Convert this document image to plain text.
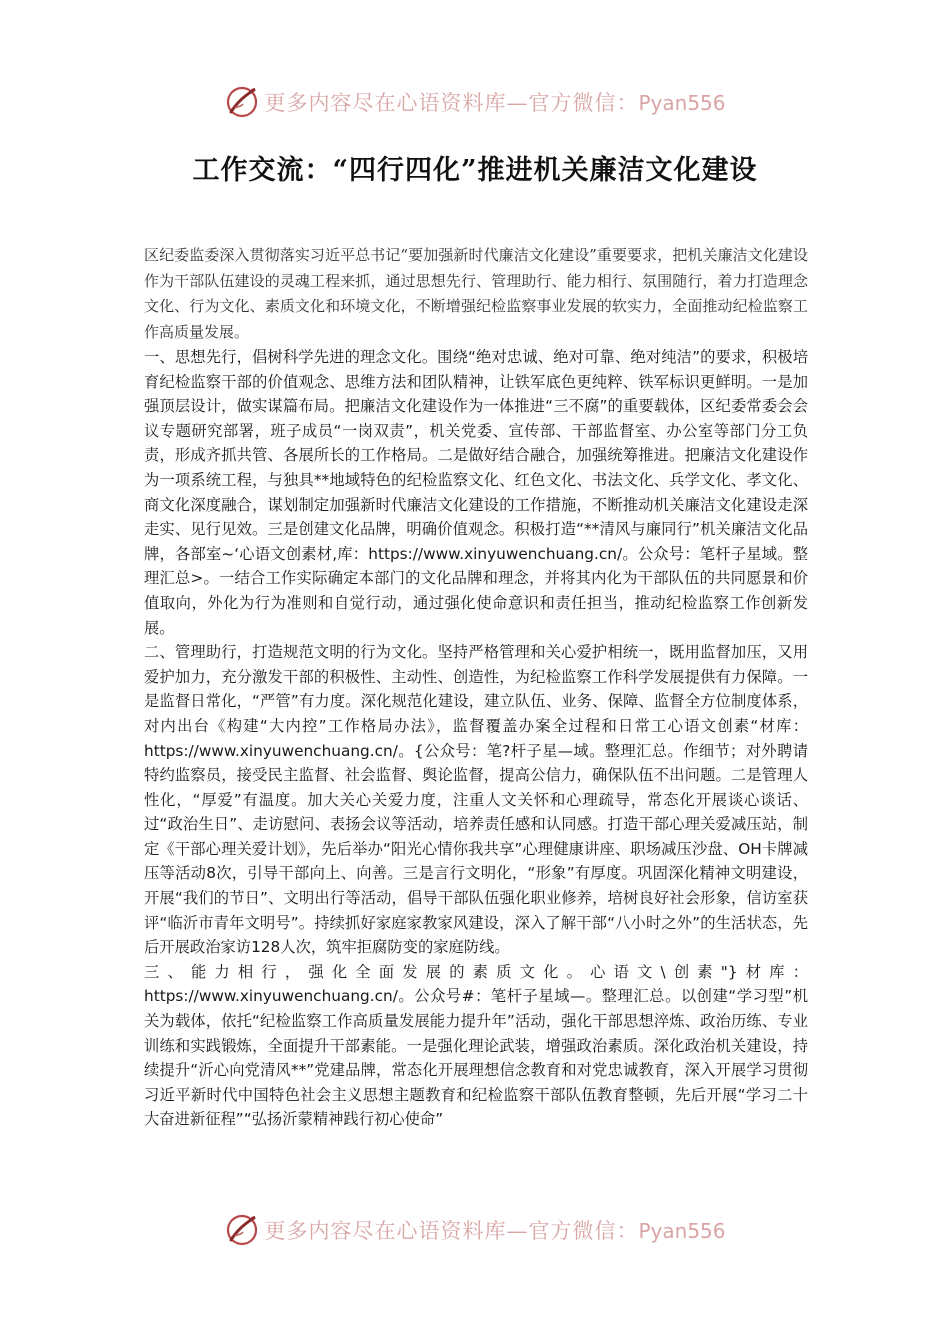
更多内容尽在心语资料库—官方微信：Pyan556
工作交流：“四行四化”推进机关廉洁文化建设

区纪委监委深入贯彻落实习近平总书记“要加强新时代廉洁文化建设”重要要求，把机关廉洁文化建设作为干部队伍建设的灵魂工程来抓，通过思想先行、管理助行、能力相行、氛围随行，着力打造理念文化、行为文化、素质文化和环境文化，不断增强纪检监察事业发展的软实力，全面推动纪检监察工作高质量发展。

一、思想先行，倡树科学先进的理念文化。围绕“绝对忠诚、绝对可靠、绝对纯洁”的要求，积极培育纪检监察干部的价值观念、思维方法和团队精神，让铁军底色更纯粹、铁军标识更鲜明。一是加强顶层设计，做实谋篇布局。把廉洁文化建设作为一体推进“三不腐”的重要载体，区纪委常委会会议专题研究部署，班子成员“一岗双责”，机关党委、宣传部、干部监督室、办公室等部门分工负责，形成齐抓共管、各展所长的工作格局。二是做好结合融合，加强统筹推进。把廉洁文化建设作为一项系统工程，与独具**地域特色的纪检监察文化、红色文化、书法文化、兵学文化、孝文化、商文化深度融合，谋划制定加强新时代廉洁文化建设的工作措施，不断推动机关廉洁文化建设走深走实、见行见效。三是创建文化品牌，明确价值观念。积极打造“**清风与廉同行”机关廉洁文化品牌，各部室~‘心语文创素材,库：https://www.xinyuwenchuang.cn/。公众号：笔杆子星域。整理汇总>。一结合工作实际确定本部门的文化品牌和理念，并将其内化为干部队伍的共同愿景和价值取向，外化为行为准则和自觉行动，通过强化使命意识和责任担当，推动纪检监察工作创新发展。

二、管理助行，打造规范文明的行为文化。坚持严格管理和关心爱护相统一，既用监督加压，又用爱护加力，充分激发干部的积极性、主动性、创造性，为纪检监察工作科学发展提供有力保障。一是监督日常化，“严管”有力度。深化规范化建设，建立队伍、业务、保障、监督全方位制度体系，对内出台《构建“大内控”工作格局办法》，监督覆盖办案全过程和日常工心语文创素“材库：https://www.xinyuwenchuang.cn/。{公众号：笔?杆子星—域。整理汇总。作细节；对外聘请特约监察员，接受民主监督、社会监督、舆论监督，提高公信力，确保队伍不出问题。二是管理人性化，“厚爱”有温度。加大关心关爱力度，注重人文关怀和心理疏导，常态化开展谈心谈话、过“政治生日”、走访慰问、表扬会议等活动，培养责任感和认同感。打造干部心理关爱减压站，制定《干部心理关爱计划》，先后举办“阳光心情你我共享”心理健康讲座、职场减压沙盘、OH卡牌减压等活动8次，引导干部向上、向善。三是言行文明化，“形象”有厚度。巩固深化精神文明建设，开展“我们的节日”、文明出行等活动，倡导干部队伍强化职业修养，培树良好社会形象，信访室获评“临沂市青年文明号”。持续抓好家庭家教家风建设，深入了解干部“八小时之外”的生活状态，先后开展政治家访128人次，筑牢拒腐防变的家庭防线。

三、能力相行，强化全面发展的素质文化。心语文\创素"}材库：https://www.xinyuwenchuang.cn/。公众号#：笔杆子星域—。整理汇总。以创建“学习型”机关为载体，依托“纪检监察工作高质量发展能力提升年”活动，强化干部思想淬炼、政治历练、专业训练和实践锻炼，全面提升干部素能。一是强化理论武装，增强政治素质。深化政治机关建设，持续提升“沂心向党清风**”党建品牌，常态化开展理想信念教育和对党忠诚教育，深入开展学习贯彻习近平新时代中国特色社会主义思想主题教育和纪检监察干部队伍教育整顿，先后开展“学习二十大奋进新征程”“弘扬沂蒙精神践行初心使命”

更多内容尽在心语资料库—官方微信：Pyan556
